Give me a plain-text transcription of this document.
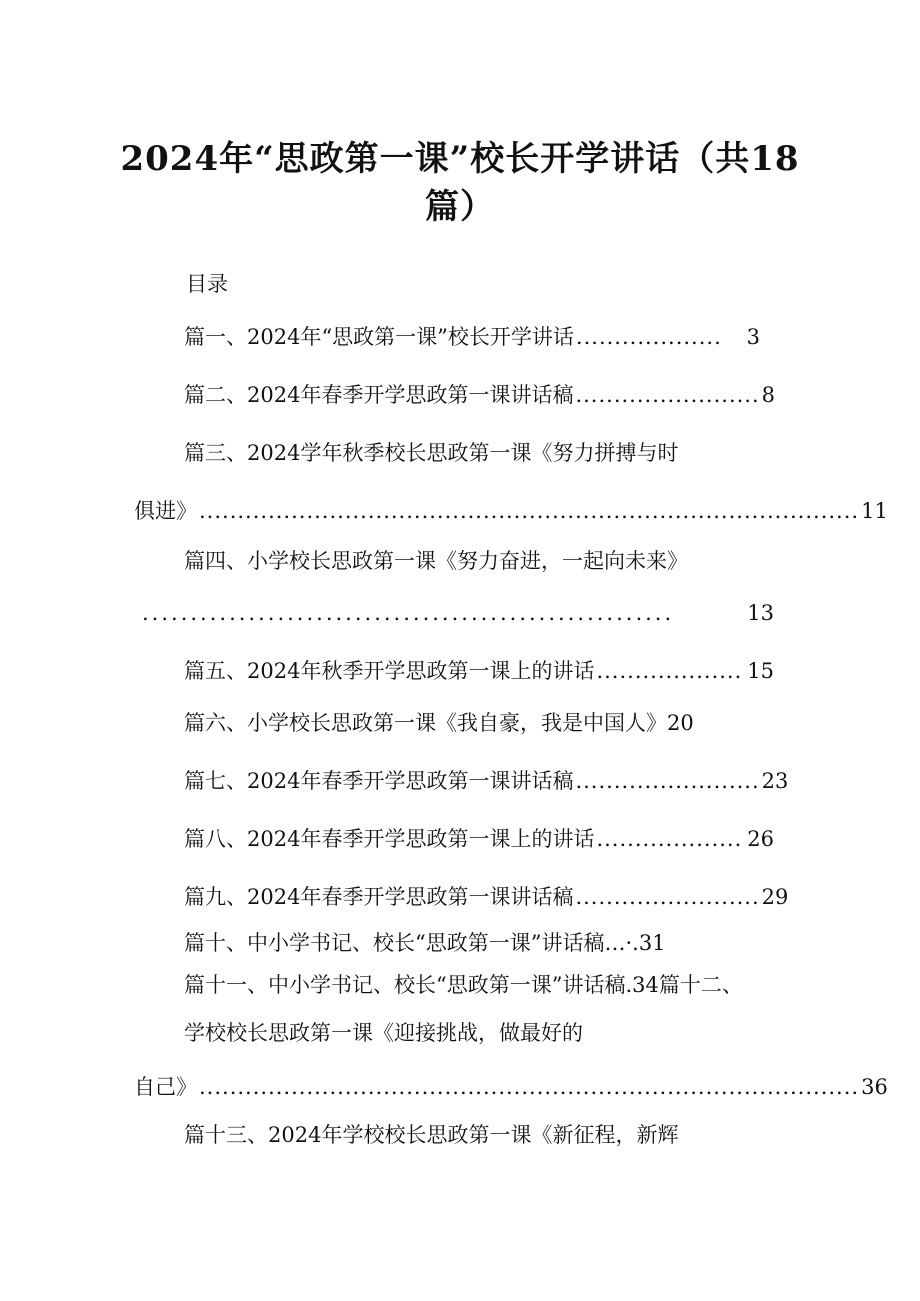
2024年“思政第一课”校长开学讲话（共18
篇）
目录
篇一、2024年“思政第一课”校长开学讲话 ...................	3
篇二、2024年春季开学思政第一课讲话稿 ........................ 8
篇三、2024学年秋季校长思政第一课《努力拼搏与时
俱进》 ...................................................................................... 11
篇四、小学校长思政第一课《努力奋进，一起向未来》
.......................................................	13
篇五、2024年秋季开学思政第一课上的讲话 ................... 15
篇六、小学校长思政第一课《我自豪，我是中国人》20
篇七、2024年春季开学思政第一课讲话稿 ........................ 23
篇八、2024年春季开学思政第一课上的讲话 ................... 26
篇九、2024年春季开学思政第一课讲话稿 ........................ 29
篇十、中小学书记、校长“思政第一课”讲话稿…·.31
篇十一、中小学书记、校长“思政第一课”讲话稿.34篇十二、
学校校长思政第一课《迎接挑战，做最好的
自己》 ...................................................................................... 36
篇十三、2024年学校校长思政第一课《新征程，新辉
